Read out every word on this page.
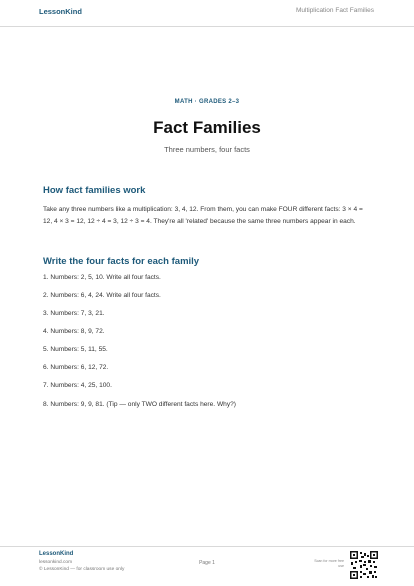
LessonKind	Multiplication Fact Families
MATH · GRADES 2–3
Fact Families
Three numbers, four facts
How fact families work

Take any three numbers like a multiplication: 3, 4, 12. From them, you can make FOUR different facts: 3 × 4 = 12, 4 × 3 = 12, 12 ÷ 4 = 3, 12 ÷ 3 = 4. They're all 'related' because the same three numbers appear in each.

Write the four facts for each family
1. Numbers: 2, 5, 10. Write all four facts.
2. Numbers: 6, 4, 24. Write all four facts.
3. Numbers: 7, 3, 21.
4. Numbers: 8, 9, 72.
5. Numbers: 5, 11, 55.
6. Numbers: 6, 12, 72.
7. Numbers: 4, 25, 100.
8. Numbers: 9, 9, 81. (Tip — only TWO different facts here. Why?)
LessonKind
lessonkind.com
© LessonKind — for classroom use only
Page 1	Scan for more free use
